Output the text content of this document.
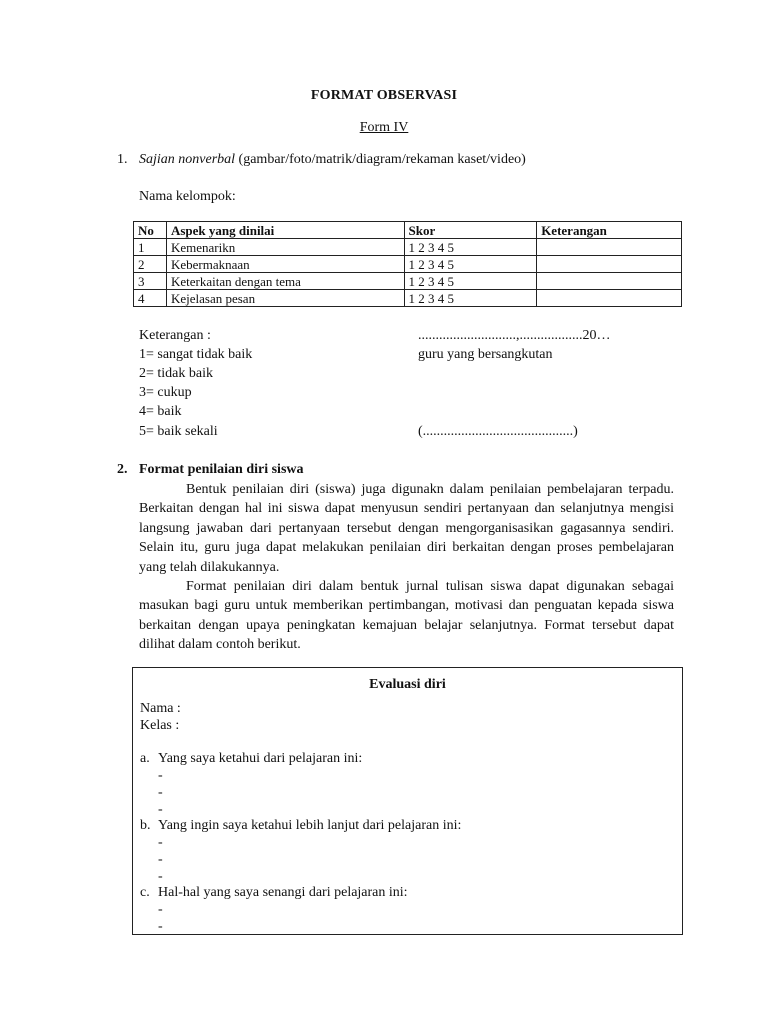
FORMAT OBSERVASI
Form IV
1. Sajian nonverbal (gambar/foto/matrik/diagram/rekaman kaset/video)
Nama kelompok:
No	Aspek yang dinilai	Skor	Keterangan
1	Kemenarikn	1 2 3 4 5	
2	Kebermaknaan	1 2 3 4 5	
3	Keterkaitan dengan tema	1 2 3 4 5	
4	Kejelasan pesan	1 2 3 4 5	
Keterangan :
1= sangat tidak baik
2= tidak baik
3= cukup
4= baik
5= baik sekali
............................,..................20…
guru yang bersangkutan
(...........................................)
2. Format penilaian diri siswa
Bentuk penilaian diri (siswa) juga digunakn dalam penilaian pembelajaran terpadu. Berkaitan dengan hal ini siswa dapat menyusun sendiri pertanyaan dan selanjutnya mengisi langsung jawaban dari pertanyaan tersebut dengan mengorganisasikan gagasannya sendiri. Selain itu, guru juga dapat melakukan penilaian diri berkaitan dengan proses pembelajaran yang telah dilakukannya.
Format penilaian diri dalam bentuk jurnal tulisan siswa dapat digunakan sebagai masukan bagi guru untuk memberikan pertimbangan, motivasi dan penguatan kepada siswa berkaitan dengan upaya peningkatan kemajuan belajar selanjutnya. Format tersebut dapat dilihat dalam contoh berikut.
Evaluasi diri
Nama :
Kelas :
a. Yang saya ketahui dari pelajaran ini:
-
-
-
b. Yang ingin saya ketahui lebih lanjut dari pelajaran ini:
-
-
-
c. Hal-hal yang saya senangi dari pelajaran ini:
-
-
